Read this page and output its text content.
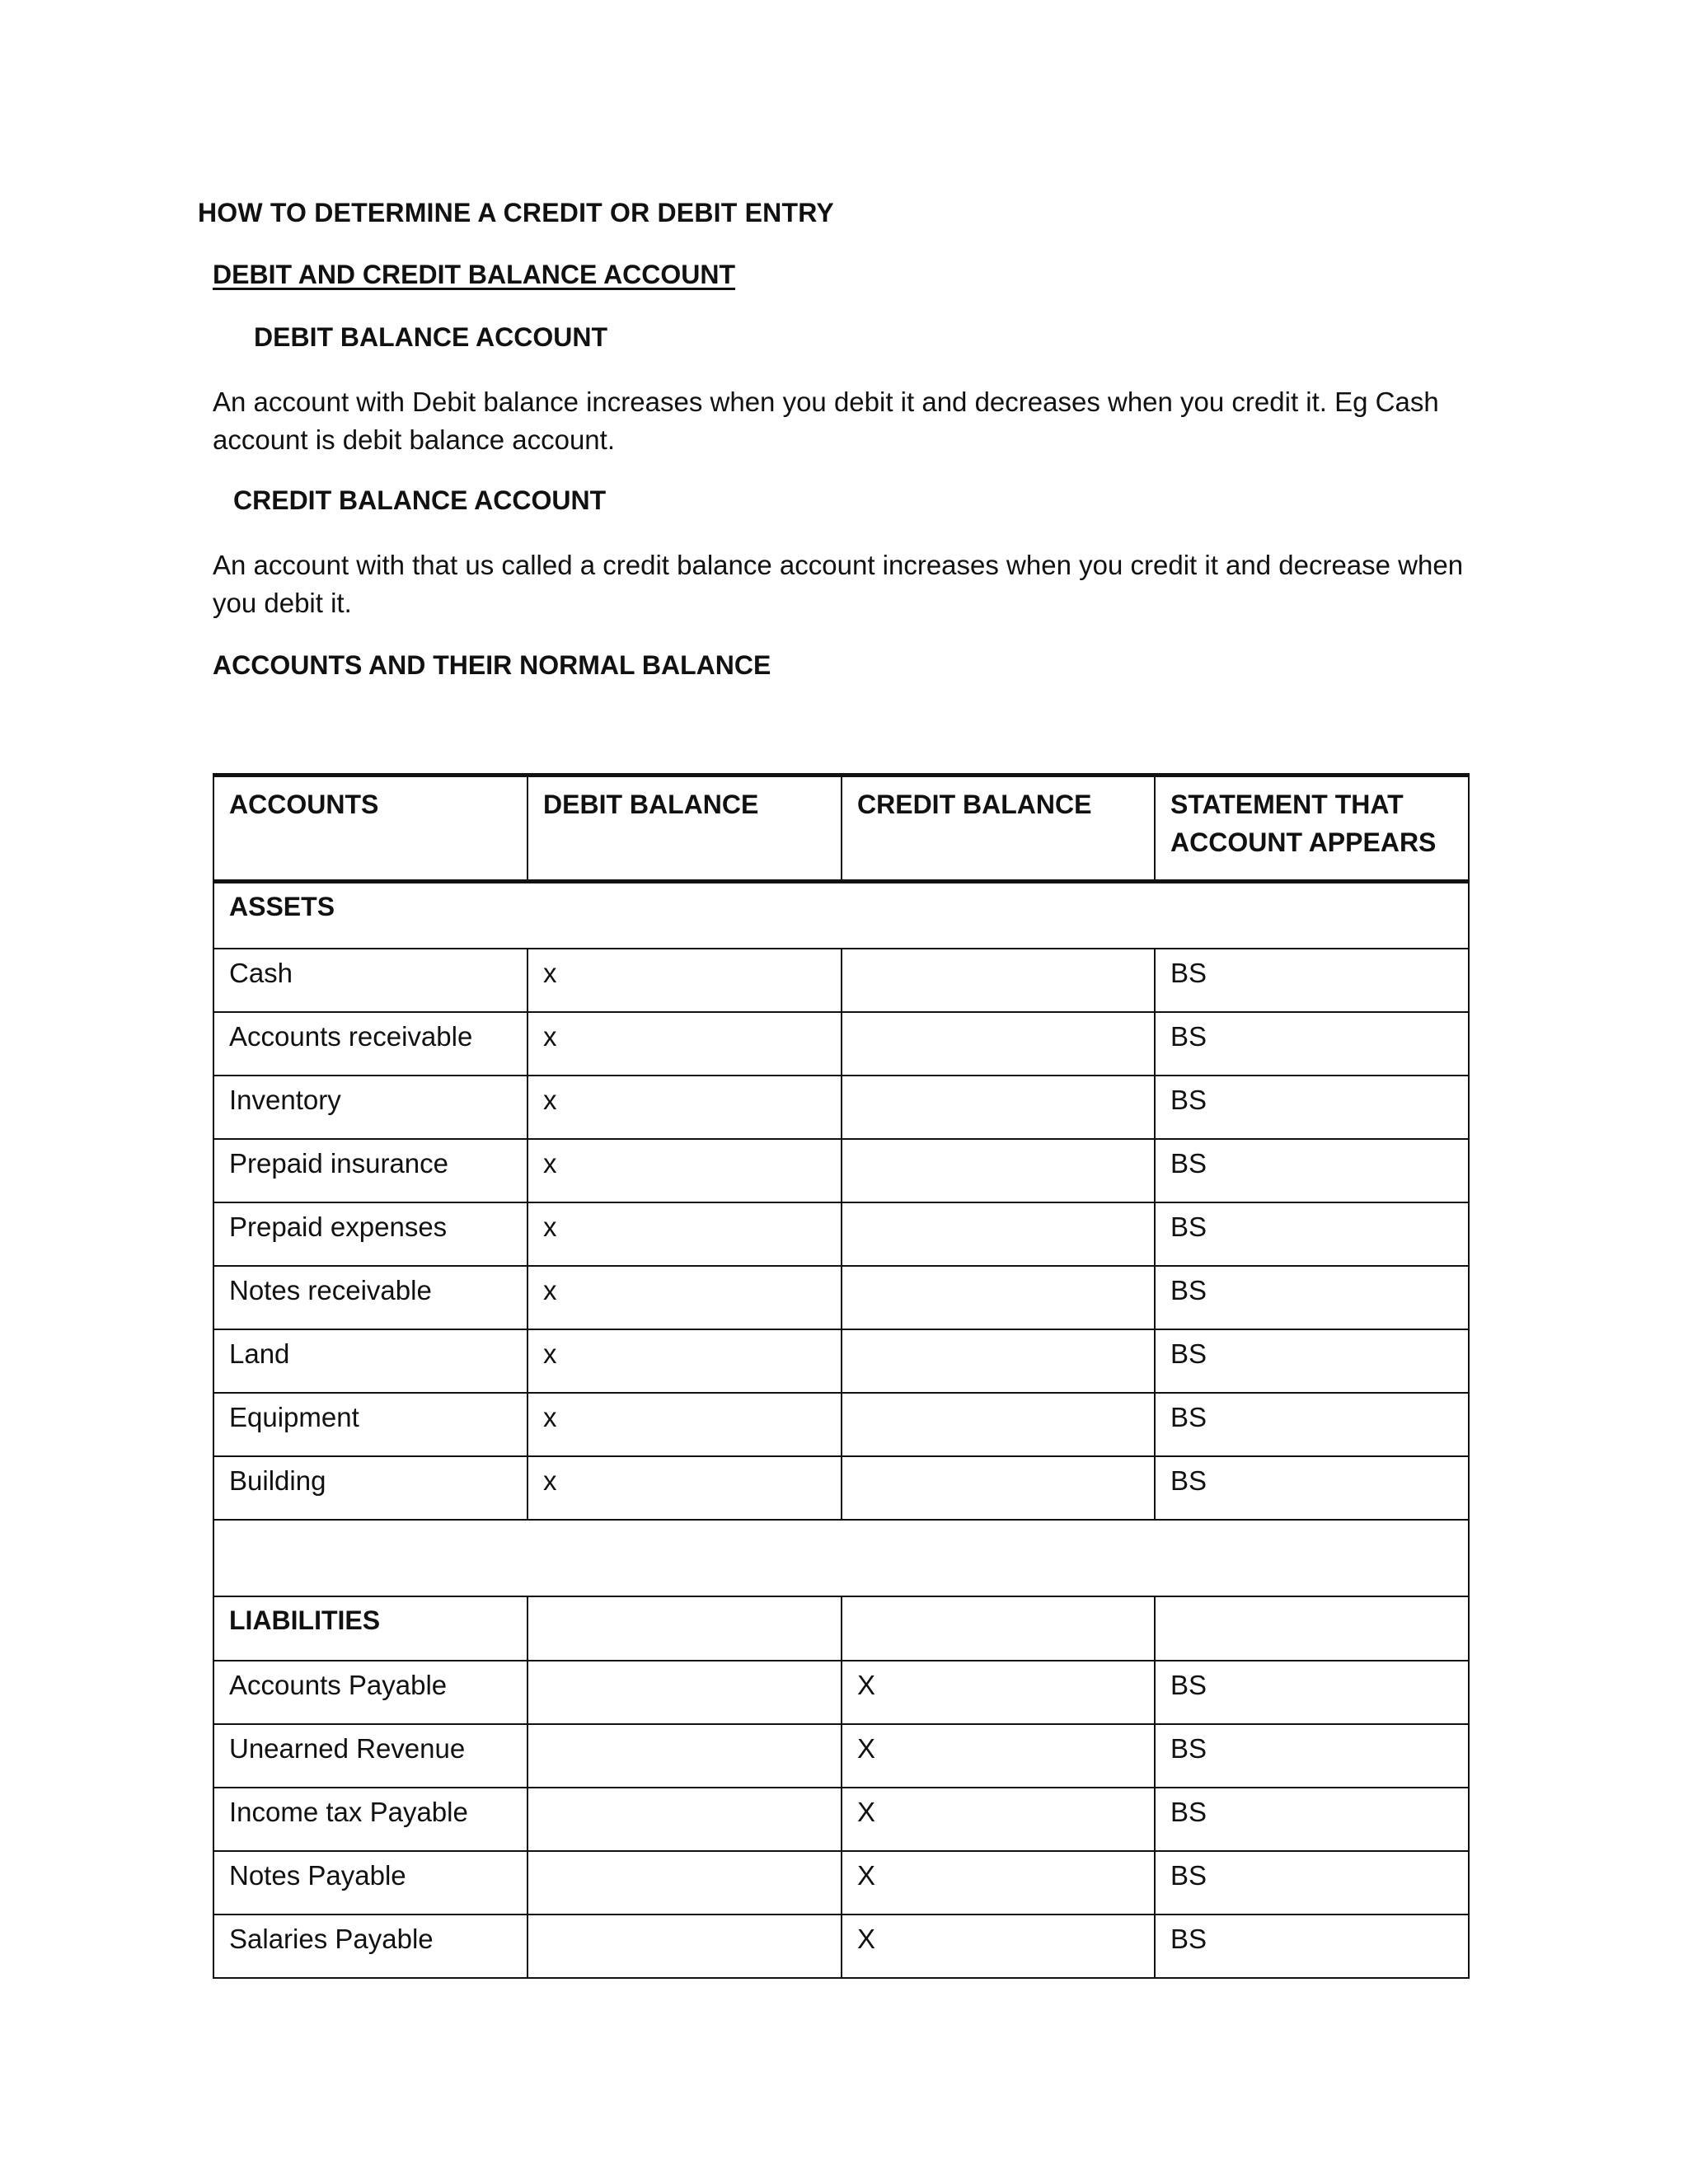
HOW TO DETERMINE A CREDIT OR DEBIT ENTRY
DEBIT AND CREDIT BALANCE ACCOUNT
DEBIT BALANCE ACCOUNT
An account with Debit balance increases when you debit it and decreases when you credit it. Eg Cash account is debit balance account.
CREDIT BALANCE ACCOUNT
An account with that us called a credit balance account increases when you credit it and decrease when you debit it.
ACCOUNTS AND THEIR NORMAL BALANCE
ACCOUNTS	DEBIT BALANCE	CREDIT BALANCE	STATEMENT THAT ACCOUNT APPEARS
ASSETS			
Cash	x		BS
Accounts receivable	x		BS
Inventory	x		BS
Prepaid insurance	x		BS
Prepaid expenses	x		BS
Notes receivable	x		BS
Land	x		BS
Equipment	x		BS
Building	x		BS

LIABILITIES			
Accounts Payable		X	BS
Unearned Revenue		X	BS
Income tax Payable		X	BS
Notes Payable		X	BS
Salaries Payable		X	BS
